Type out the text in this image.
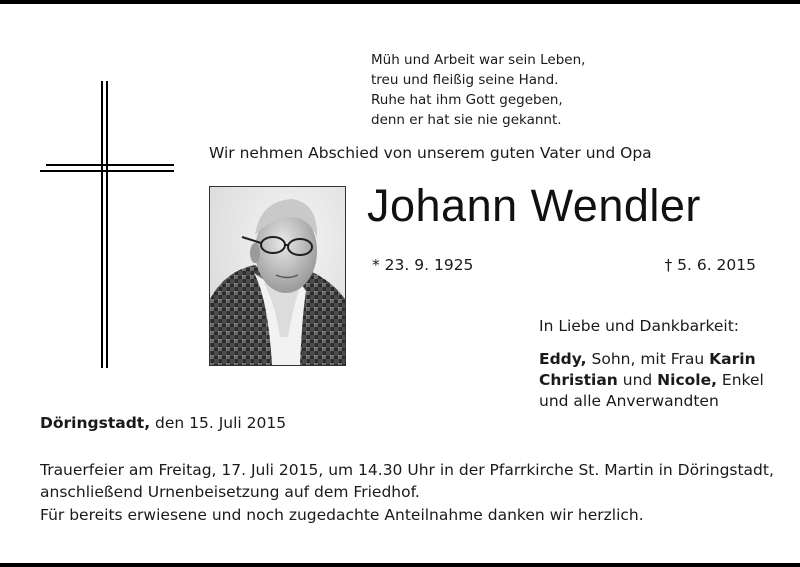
Müh und Arbeit war sein Leben,
treu und fleißig seine Hand.
Ruhe hat ihm Gott gegeben,
denn er hat sie nie gekannt.
Wir nehmen Abschied von unserem guten Vater und Opa
Johann Wendler
* 23. 9. 1925	† 5. 6. 2015
In Liebe und Dankbarkeit:
Eddy, Sohn, mit Frau Karin
Christian und Nicole, Enkel
und alle Anverwandten
Döringstadt, den 15. Juli 2015
Trauerfeier am Freitag, 17. Juli 2015, um 14.30 Uhr in der Pfarrkirche St. Martin in Döringstadt,
anschließend Urnenbeisetzung auf dem Friedhof.
Für bereits erwiesene und noch zugedachte Anteilnahme danken wir herzlich.
